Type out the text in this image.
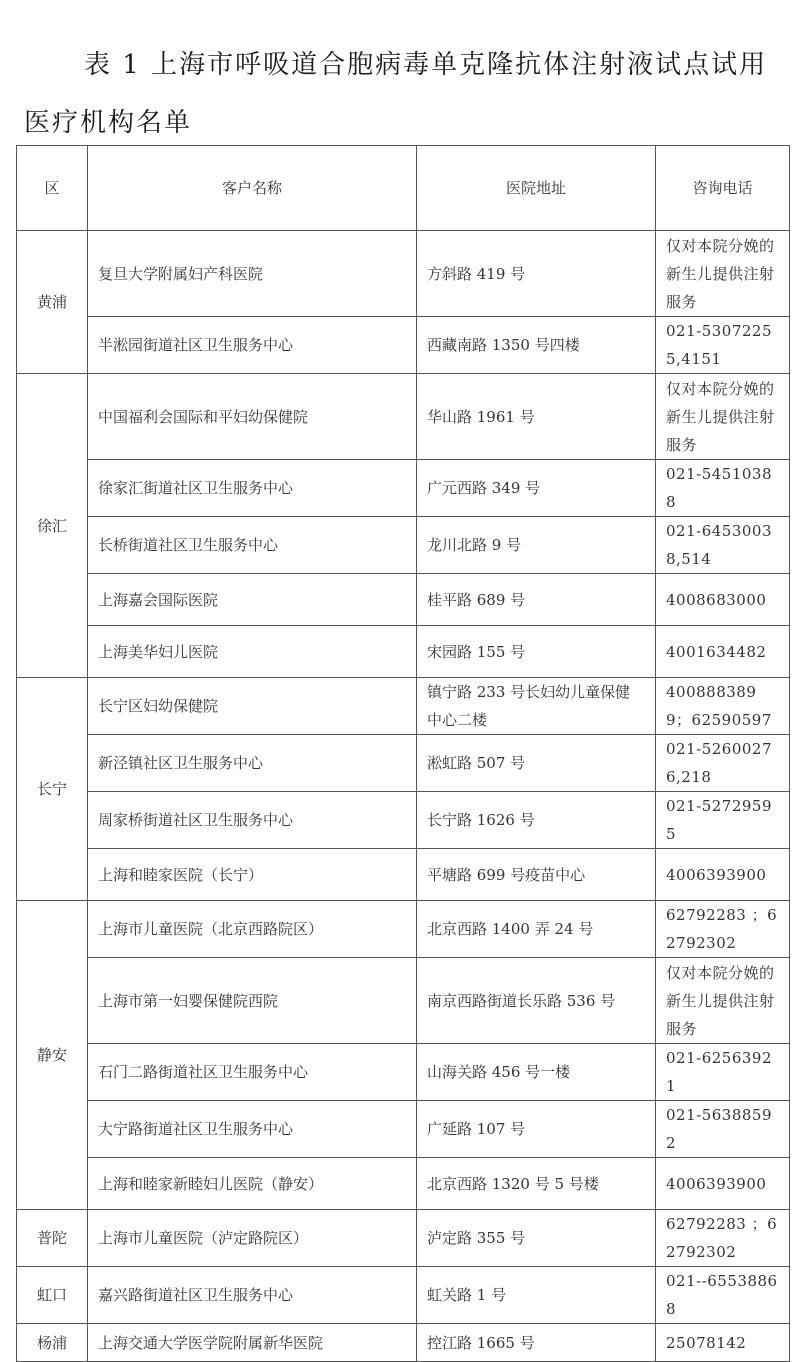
表 1 上海市呼吸道合胞病毒单克隆抗体注射液试点试用医疗机构名单
区	客户名称	医院地址	咨询电话
黄浦	复旦大学附属妇产科医院	方斜路 419 号	仅对本院分娩的新生儿提供注射服务
	半淞园街道社区卫生服务中心	西藏南路 1350 号四楼	021-53072255,4151
徐汇	中国福利会国际和平妇幼保健院	华山路 1961 号	仅对本院分娩的新生儿提供注射服务
	徐家汇街道社区卫生服务中心	广元西路 349 号	021-54510388
	长桥街道社区卫生服务中心	龙川北路 9 号	021-64530038,514
	上海嘉会国际医院	桂平路 689 号	4008683000
	上海美华妇儿医院	宋园路 155 号	4001634482
长宁	长宁区妇幼保健院	镇宁路 233 号长妇幼儿童保健中心二楼	4008883899；62590597
	新泾镇社区卫生服务中心	淞虹路 507 号	021-52600276,218
	周家桥街道社区卫生服务中心	长宁路 1626 号	021-52729595
	上海和睦家医院（长宁）	平塘路 699 号疫苗中心	4006393900
静安	上海市儿童医院（北京西路院区）	北京西路 1400 弄 24 号	62792283 ；62792302
	上海市第一妇婴保健院西院	南京西路街道长乐路 536 号	仅对本院分娩的新生儿提供注射服务
	石门二路街道社区卫生服务中心	山海关路 456 号一楼	021-62563921
	大宁路街道社区卫生服务中心	广延路 107 号	021-56388592
	上海和睦家新睦妇儿医院（静安）	北京西路 1320 号 5 号楼	4006393900
普陀	上海市儿童医院（泸定路院区）	泸定路 355 号	62792283 ；62792302
虹口	嘉兴路街道社区卫生服务中心	虹关路 1 号	021--65538868
杨浦	上海交通大学医学院附属新华医院	控江路 1665 号	25078142
